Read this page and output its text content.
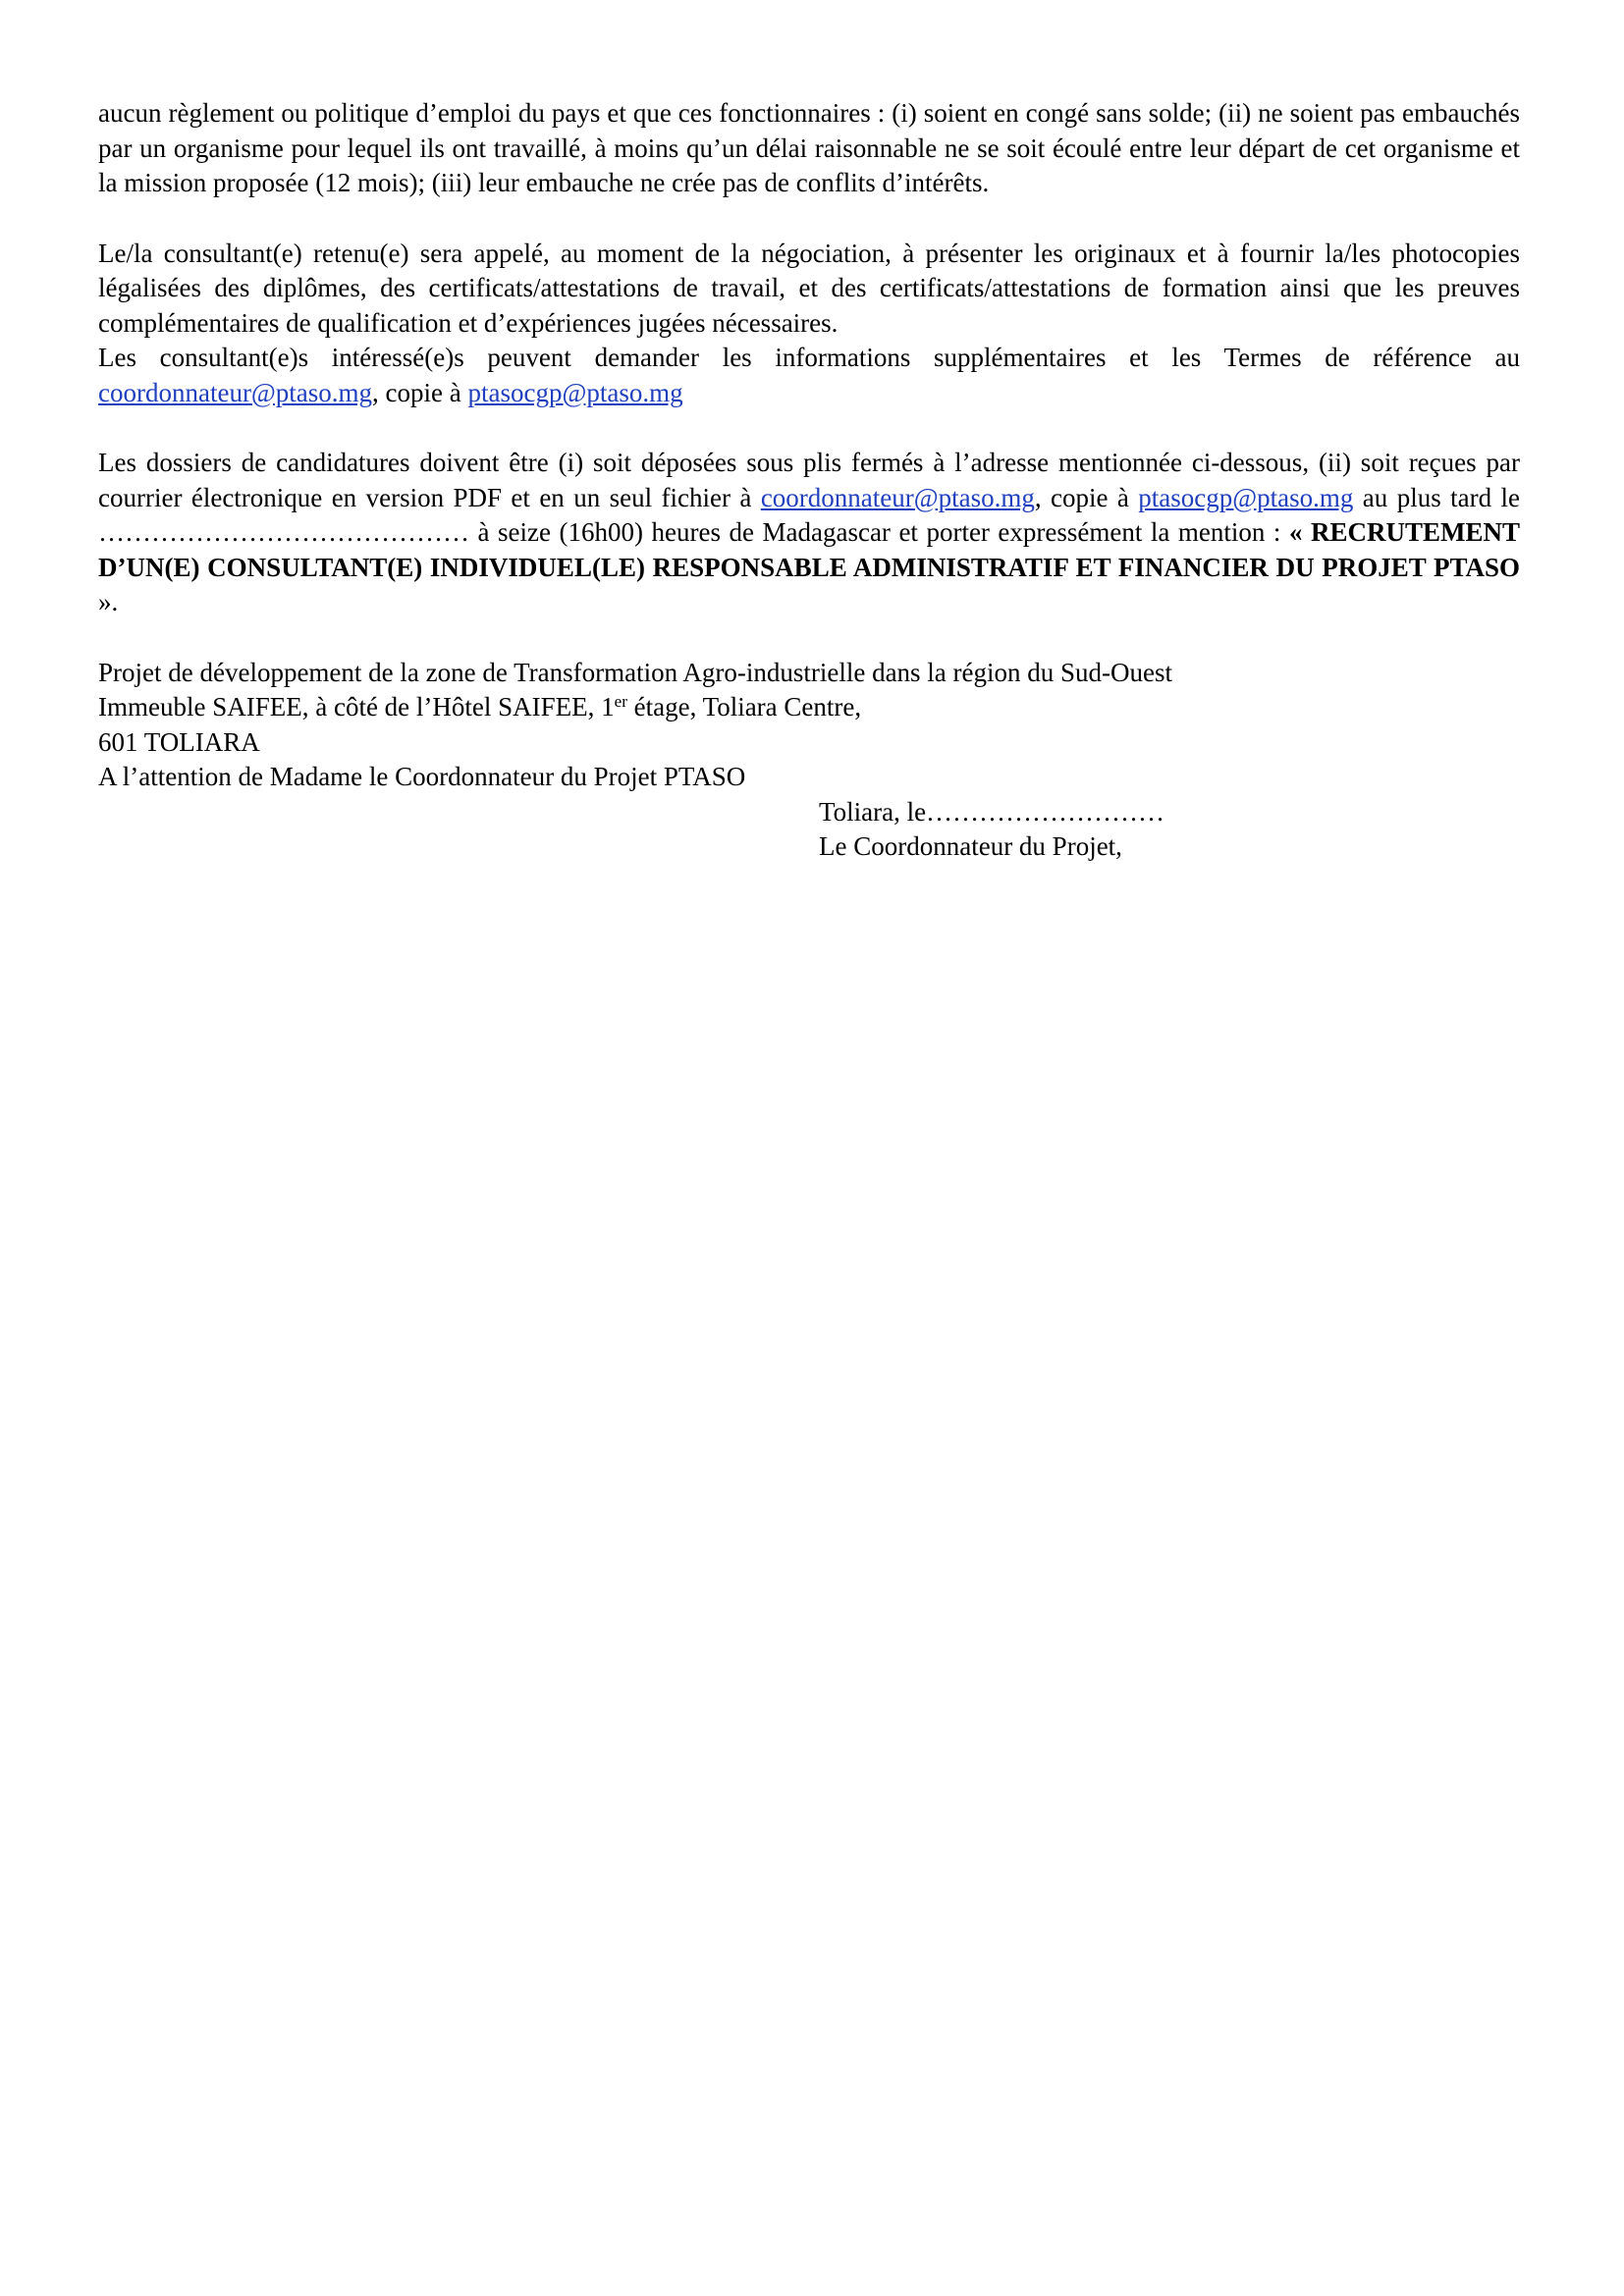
aucun règlement ou politique d’emploi du pays et que ces fonctionnaires : (i) soient en congé sans solde; (ii) ne soient pas embauchés par un organisme pour lequel ils ont travaillé, à moins qu’un délai raisonnable ne se soit écoulé entre leur départ de cet organisme et la mission proposée (12 mois); (iii) leur embauche ne crée pas de conflits d’intérêts.

Le/la consultant(e) retenu(e) sera appelé, au moment de la négociation, à présenter les originaux et à fournir la/les photocopies légalisées des diplômes, des certificats/attestations de travail, et des certificats/attestations de formation ainsi que les preuves complémentaires de qualification et d’expériences jugées nécessaires.

Les consultant(e)s intéressé(e)s peuvent demander les informations supplémentaires et les Termes de référence au coordonnateur@ptaso.mg, copie à ptasocgp@ptaso.mg

Les dossiers de candidatures doivent être (i) soit déposées sous plis fermés à l’adresse mentionnée ci-dessous, (ii) soit reçues par courrier électronique en version PDF et en un seul fichier à coordonnateur@ptaso.mg, copie à ptasocgp@ptaso.mg au plus tard le …………………………………… à seize (16h00) heures de Madagascar et porter expressément la mention : « RECRUTEMENT D’UN(E) CONSULTANT(E) INDIVIDUEL(LE) RESPONSABLE ADMINISTRATIF ET FINANCIER DU PROJET PTASO ».

Projet de développement de la zone de Transformation Agro-industrielle dans la région du Sud-Ouest
Immeuble SAIFEE, à côté de l’Hôtel SAIFEE, 1er étage, Toliara Centre,
601 TOLIARA
A l’attention de Madame le Coordonnateur du Projet PTASO
Toliara, le………………………
Le Coordonnateur du Projet,
